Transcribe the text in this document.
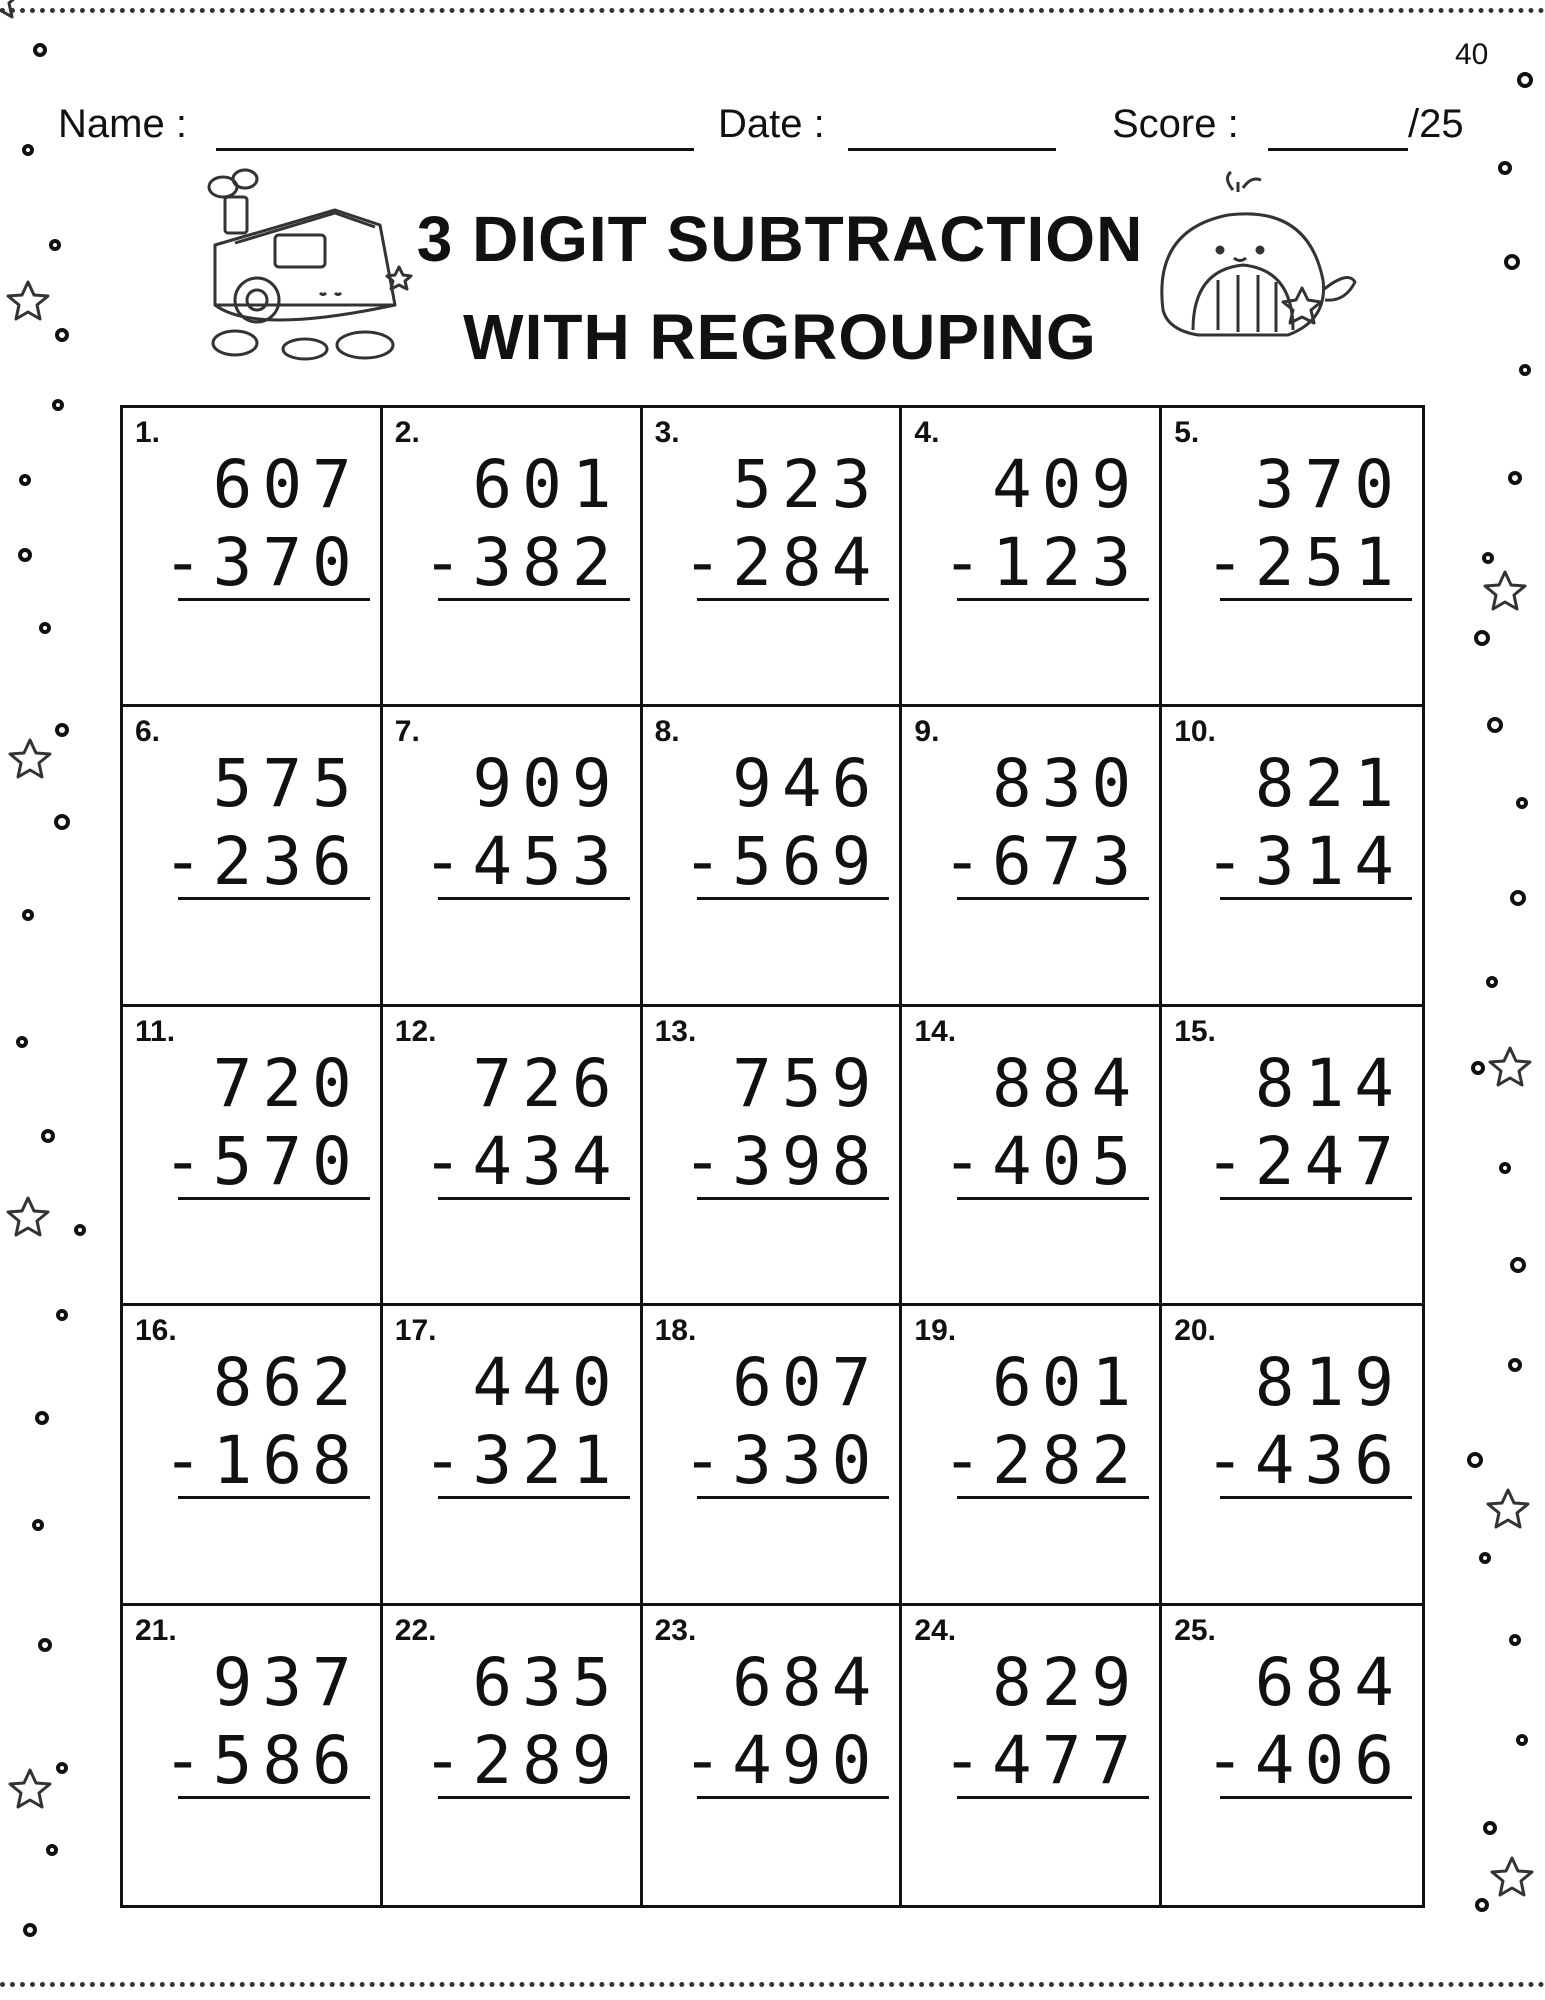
40
Name :	Date :	Score :	/25
3 DIGIT SUBTRACTION
WITH REGROUPING
1.
607
-370
2.
601
-382
3.
523
-284
4.
409
-123
5.
370
-251
6.
575
-236
7.
909
-453
8.
946
-569
9.
830
-673
10.
821
-314
11.
720
-570
12.
726
-434
13.
759
-398
14.
884
-405
15.
814
-247
16.
862
-168
17.
440
-321
18.
607
-330
19.
601
-282
20.
819
-436
21.
937
-586
22.
635
-289
23.
684
-490
24.
829
-477
25.
684
-406
